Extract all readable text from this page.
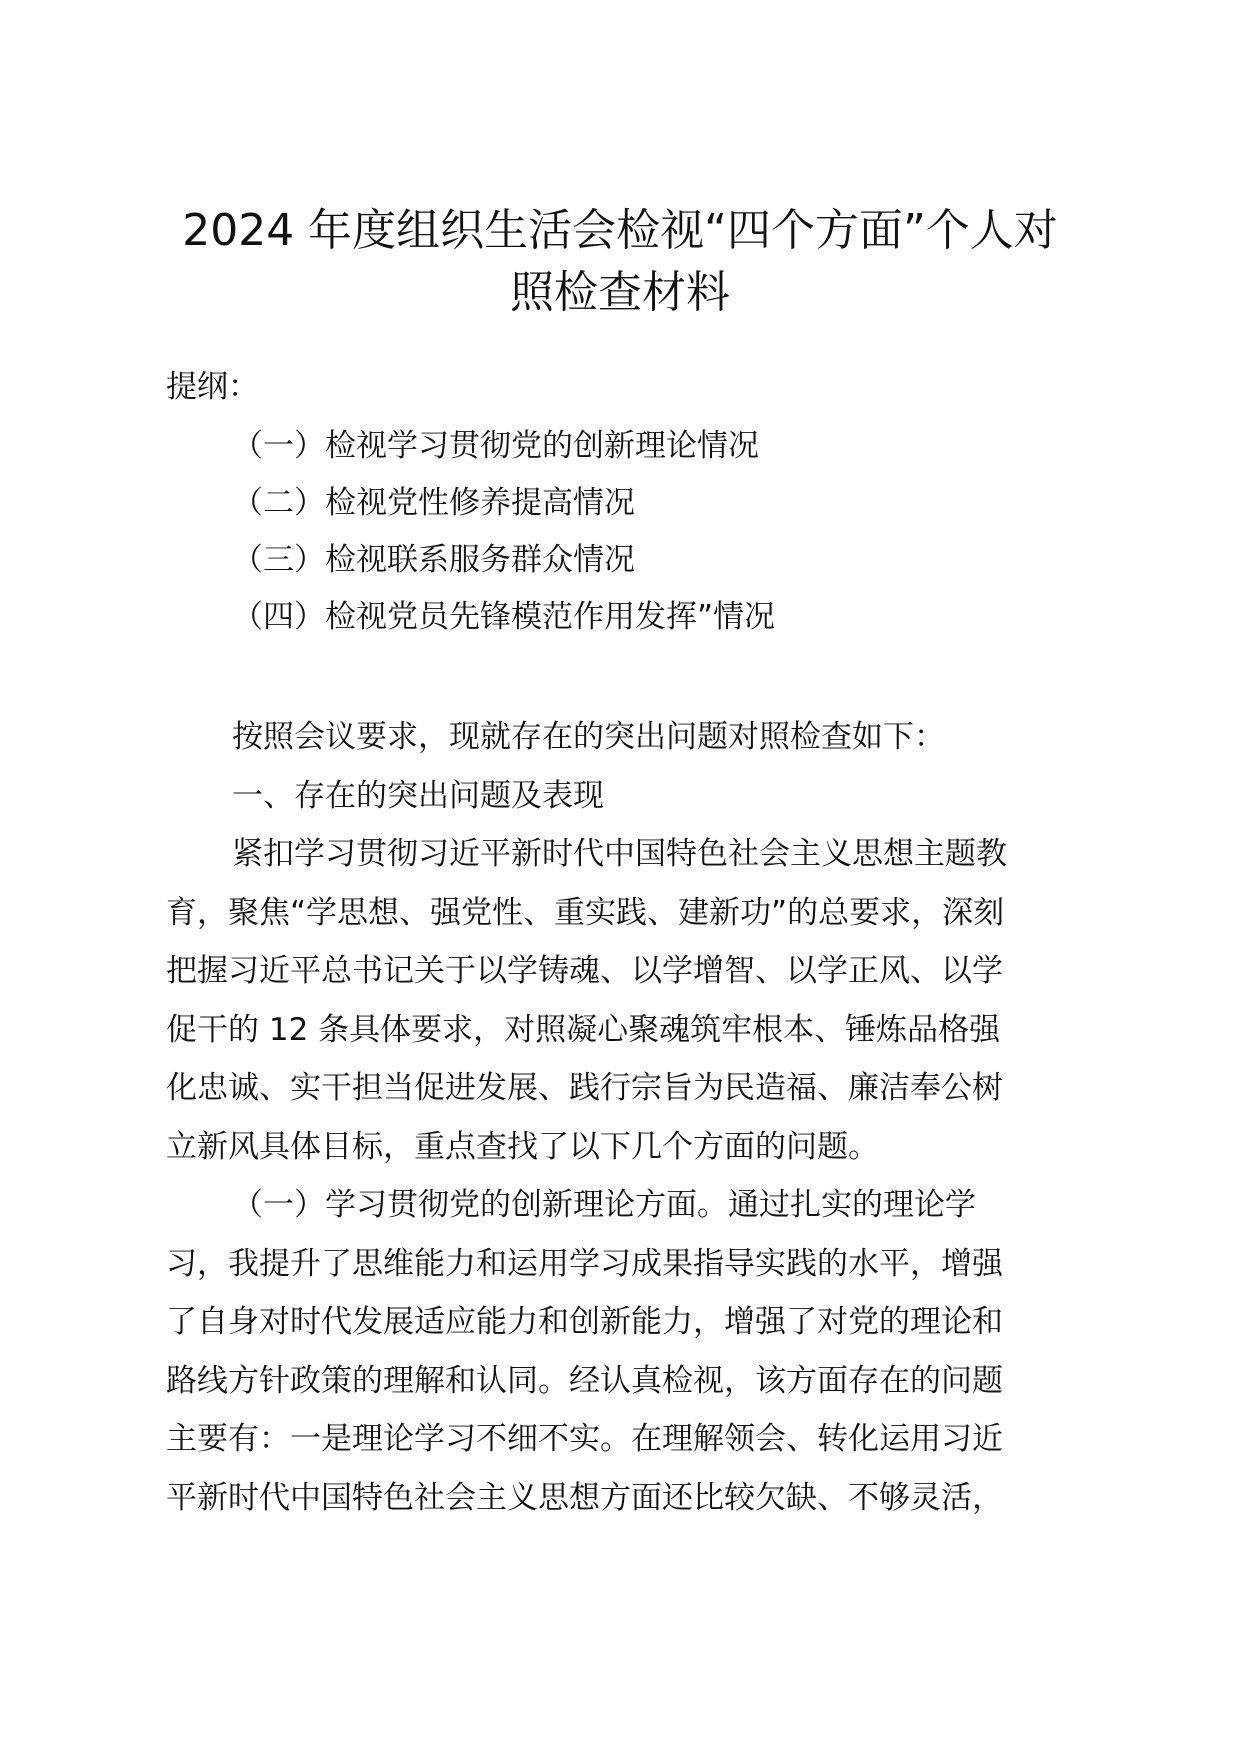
2024 年度组织生活会检视“四个方面”个人对
照检查材料
提纲：
（一）检视学习贯彻党的创新理论情况
（二）检视党性修养提高情况
（三）检视联系服务群众情况
（四）检视党员先锋模范作用发挥”情况
按照会议要求，现就存在的突出问题对照检查如下：
一、存在的突出问题及表现
紧扣学习贯彻习近平新时代中国特色社会主义思想主题教
育，聚焦“学思想、强党性、重实践、建新功”的总要求，深刻
把握习近平总书记关于以学铸魂、以学增智、以学正风、以学
促干的 12 条具体要求，对照凝心聚魂筑牢根本、锤炼品格强
化忠诚、实干担当促进发展、践行宗旨为民造福、廉洁奉公树
立新风具体目标，重点查找了以下几个方面的问题。
（一）学习贯彻党的创新理论方面。通过扎实的理论学
习，我提升了思维能力和运用学习成果指导实践的水平，增强
了自身对时代发展适应能力和创新能力，增强了对党的理论和
路线方针政策的理解和认同。经认真检视，该方面存在的问题
主要有：一是理论学习不细不实。在理解领会、转化运用习近
平新时代中国特色社会主义思想方面还比较欠缺、不够灵活，
